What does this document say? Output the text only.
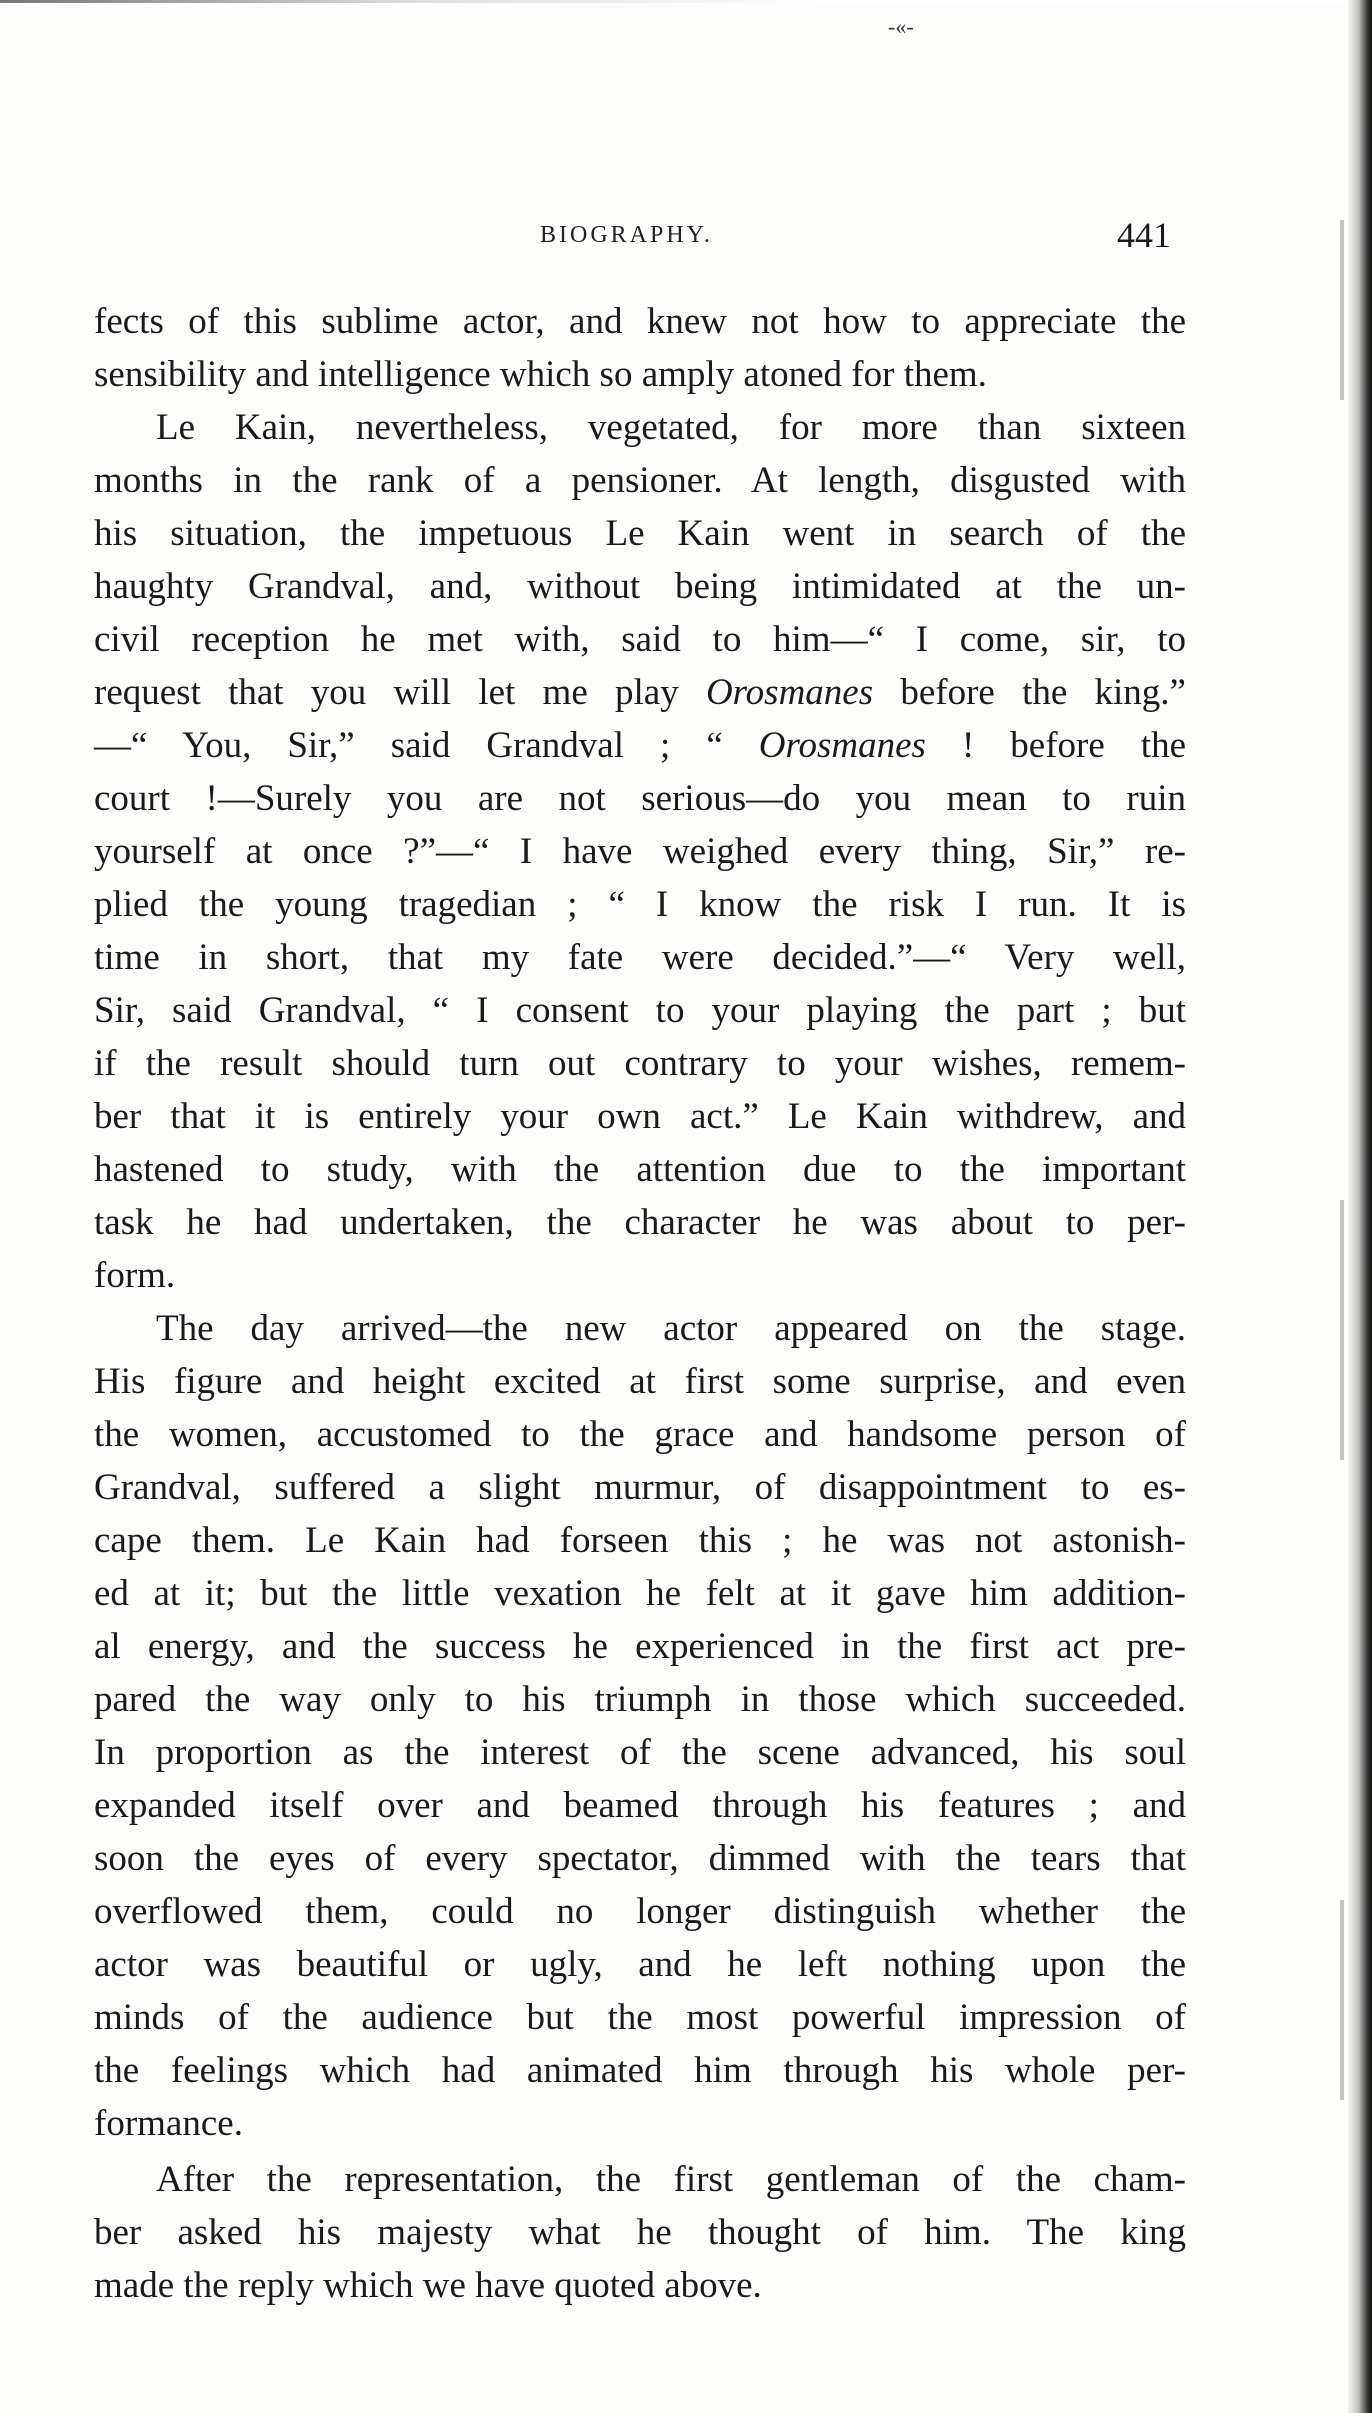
-«-
BIOGRAPHY.	441
fects of this sublime actor, and knew not how to appreciate the
sensibility and intelligence which so amply atoned for them.
Le Kain, nevertheless, vegetated, for more than sixteen
months in the rank of a pensioner. At length, disgusted with
his situation, the impetuous Le Kain went in search of the
haughty Grandval, and, without being intimidated at the un-
civil reception he met with, said to him—“ I come, sir, to
request that you will let me play Orosmanes before the king.”
—“ You, Sir,” said Grandval ; “ Orosmanes ! before the
court !—Surely you are not serious—do you mean to ruin
yourself at once ?”—“ I have weighed every thing, Sir,” re-
plied the young tragedian ; “ I know the risk I run. It is
time in short, that my fate were decided.”—“ Very well,
Sir, said Grandval, “ I consent to your playing the part ; but
if the result should turn out contrary to your wishes, remem-
ber that it is entirely your own act.” Le Kain withdrew, and
hastened to study, with the attention due to the important
task he had undertaken, the character he was about to per-
form.
The day arrived—the new actor appeared on the stage.
His figure and height excited at first some surprise, and even
the women, accustomed to the grace and handsome person of
Grandval, suffered a slight murmur, of disappointment to es-
cape them. Le Kain had forseen this ; he was not astonish-
ed at it; but the little vexation he felt at it gave him addition-
al energy, and the success he experienced in the first act pre-
pared the way only to his triumph in those which succeeded.
In proportion as the interest of the scene advanced, his soul
expanded itself over and beamed through his features ; and
soon the eyes of every spectator, dimmed with the tears that
overflowed them, could no longer distinguish whether the
actor was beautiful or ugly, and he left nothing upon the
minds of the audience but the most powerful impression of
the feelings which had animated him through his whole per-
formance.
After the representation, the first gentleman of the cham-
ber asked his majesty what he thought of him. The king
made the reply which we have quoted above.
